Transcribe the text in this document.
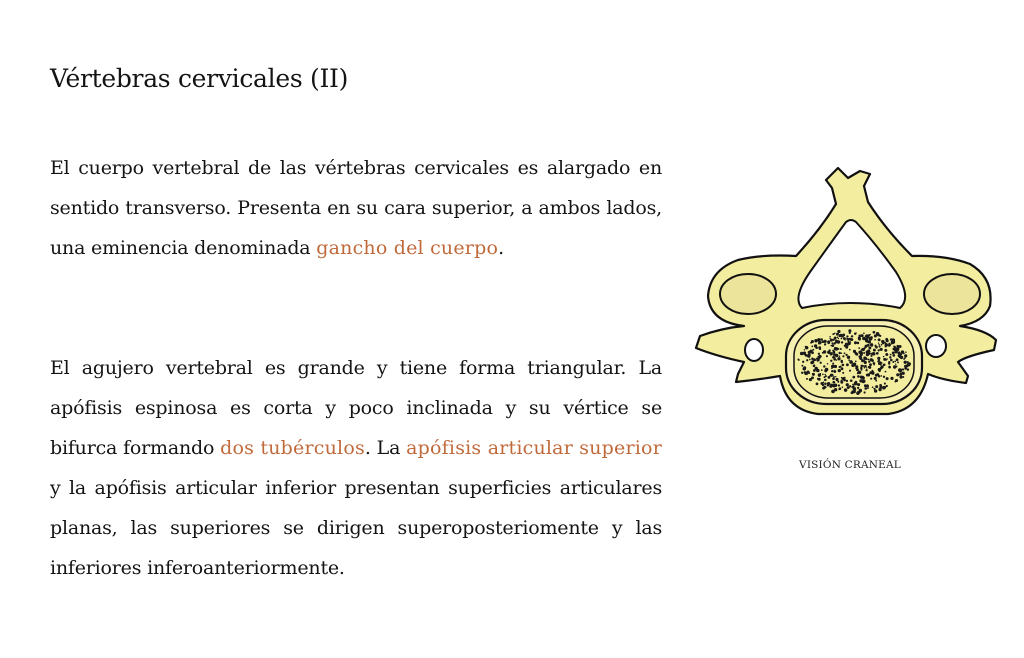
Vértebras cervicales (II)

El cuerpo vertebral de las vértebras cervicales es alargado en sentido transverso. Presenta en su cara superior, a ambos lados, una eminencia denominada gancho del cuerpo.

El agujero vertebral es grande y tiene forma triangular. La apófisis espinosa es corta y poco inclinada y su vértice se bifurca formando dos tubérculos. La apófisis articular superior y la apófisis articular inferior presentan superficies articulares planas, las superiores se dirigen superoposteriomente y las inferiores inferoanteriormente.

VISIÓN CRANEAL
